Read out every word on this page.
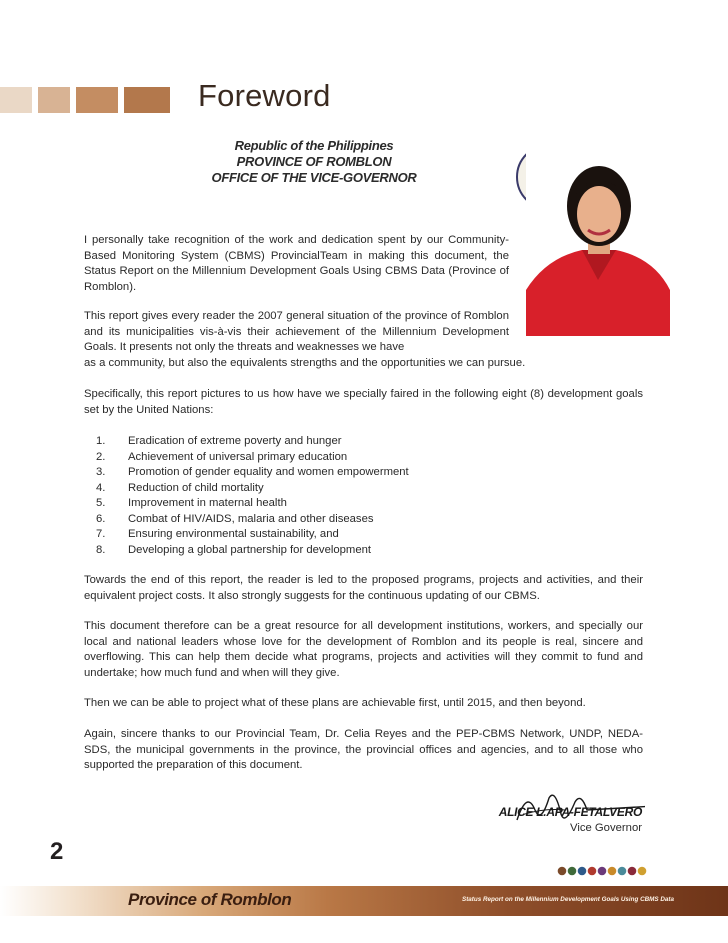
Foreword
Republic of the Philippines
PROVINCE OF ROMBLON
OFFICE OF THE VICE-GOVERNOR
I personally take recognition of the work and dedication spent by our Community-Based Monitoring System (CBMS) ProvincialTeam in making this document, the Status Report on the Millennium Development Goals Using CBMS Data (Province of Romblon).
This report gives every reader the 2007 general situation of the province of Romblon and its municipalities vis-à-vis their achievement of the Millennium Development Goals. It presents not only the threats and weaknesses we have
as a community, but also the equivalents strengths and the opportunities we can pursue.
Specifically, this report pictures to us how have we specially faired in the following eight (8) development goals set by the United Nations:
1.	Eradication of extreme poverty and hunger
2.	Achievement of universal primary education
3.	Promotion of gender equality and women empowerment
4.	Reduction of child mortality
5.	Improvement in maternal health
6.	Combat of HIV/AIDS, malaria and other diseases
7.	Ensuring environmental sustainability, and
8.	Developing a global partnership for development
Towards the end of this report, the reader is led to the proposed programs, projects and activities, and their equivalent project costs. It also strongly suggests for the continuous updating of our CBMS.
This document therefore can be a great resource for all development institutions, workers, and specially our local and national leaders whose love for the development of Romblon and its people is real, sincere and overflowing. This can help them decide what programs, projects and activities will they commit to fund and undertake; how much fund and when will they give.
Then we can be able to project what of these plans are achievable first, until 2015, and then beyond.
Again, sincere thanks to our Provincial Team, Dr. Celia Reyes and the PEP-CBMS Network, UNDP, NEDA-SDS, the municipal governments in the province, the provincial offices and agencies, and to all those who supported the preparation of this document.
ALICE L.APA-FETALVERO
Vice Governor
2
Province of Romblon	Status Report on the Millennium Development Goals Using CBMS Data
